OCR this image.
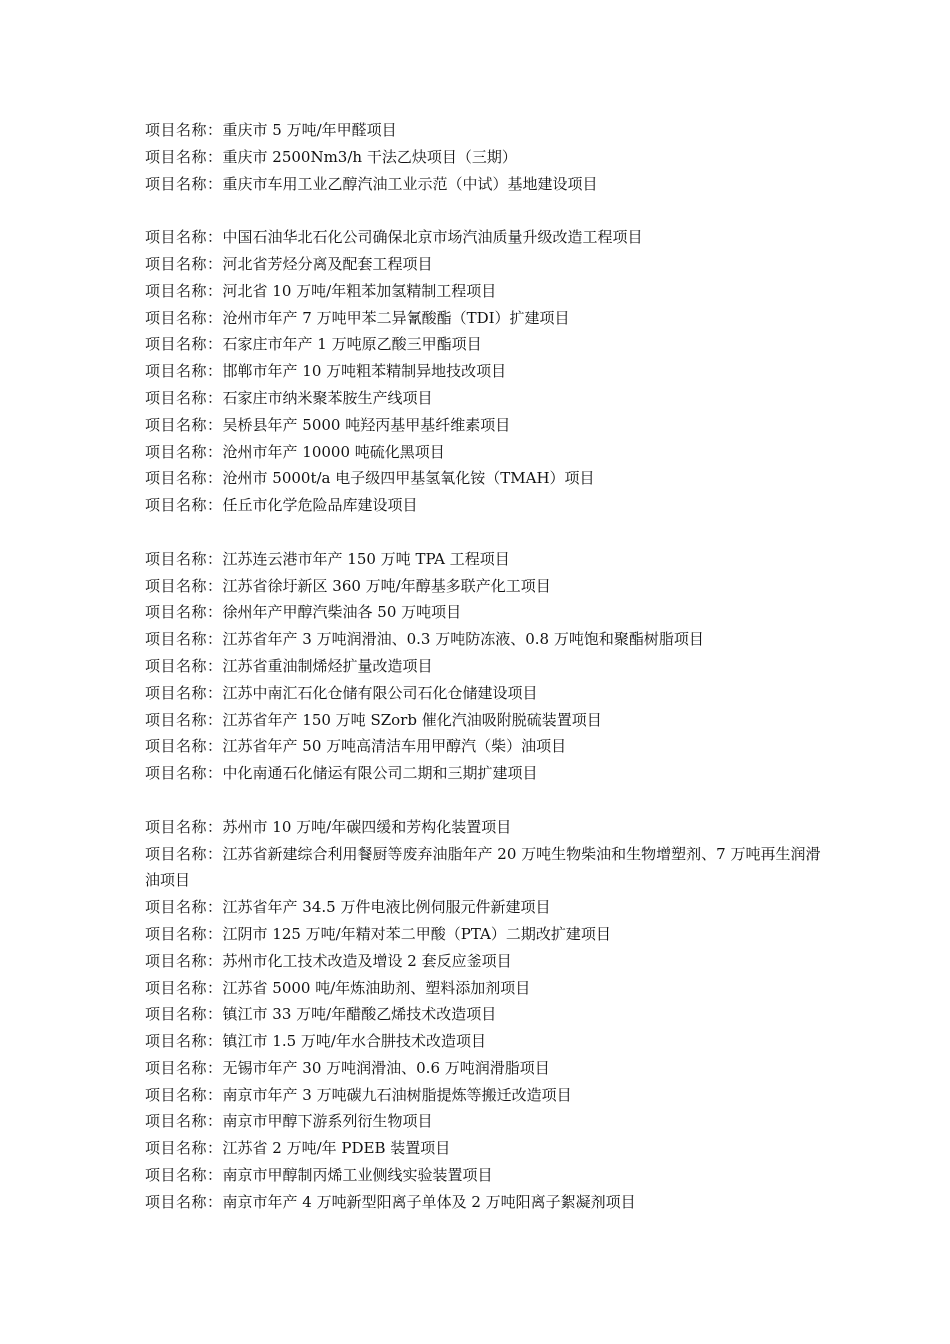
项目名称：重庆市 5 万吨/年甲醛项目
项目名称：重庆市 2500Nm3/h 干法乙炔项目（三期）
项目名称：重庆市车用工业乙醇汽油工业示范（中试）基地建设项目
项目名称：中国石油华北石化公司确保北京市场汽油质量升级改造工程项目
项目名称：河北省芳烃分离及配套工程项目
项目名称：河北省 10 万吨/年粗苯加氢精制工程项目
项目名称：沧州市年产 7 万吨甲苯二异氰酸酯（TDI）扩建项目
项目名称：石家庄市年产 1 万吨原乙酸三甲酯项目
项目名称：邯郸市年产 10 万吨粗苯精制异地技改项目
项目名称：石家庄市纳米聚苯胺生产线项目
项目名称：吴桥县年产 5000 吨羟丙基甲基纤维素项目
项目名称：沧州市年产 10000 吨硫化黑项目
项目名称：沧州市 5000t/a 电子级四甲基氢氧化铵（TMAH）项目
项目名称：任丘市化学危险品库建设项目
项目名称：江苏连云港市年产 150 万吨 TPA 工程项目
项目名称：江苏省徐圩新区 360 万吨/年醇基多联产化工项目
项目名称：徐州年产甲醇汽柴油各 50 万吨项目
项目名称：江苏省年产 3 万吨润滑油、0.3 万吨防冻液、0.8 万吨饱和聚酯树脂项目
项目名称：江苏省重油制烯烃扩量改造项目
项目名称：江苏中南汇石化仓储有限公司石化仓储建设项目
项目名称：江苏省年产 150 万吨 SZorb 催化汽油吸附脱硫装置项目
项目名称：江苏省年产 50 万吨高清洁车用甲醇汽（柴）油项目
项目名称：中化南通石化储运有限公司二期和三期扩建项目
项目名称：苏州市 10 万吨/年碳四缓和芳构化装置项目
项目名称：江苏省新建综合利用餐厨等废弃油脂年产 20 万吨生物柴油和生物增塑剂、7 万吨再生润滑油项目
项目名称：江苏省年产 34.5 万件电液比例伺服元件新建项目
项目名称：江阴市 125 万吨/年精对苯二甲酸（PTA）二期改扩建项目
项目名称：苏州市化工技术改造及增设 2 套反应釜项目
项目名称：江苏省 5000 吨/年炼油助剂、塑料添加剂项目
项目名称：镇江市 33 万吨/年醋酸乙烯技术改造项目
项目名称：镇江市 1.5 万吨/年水合肼技术改造项目
项目名称：无锡市年产 30 万吨润滑油、0.6 万吨润滑脂项目
项目名称：南京市年产 3 万吨碳九石油树脂提炼等搬迁改造项目
项目名称：南京市甲醇下游系列衍生物项目
项目名称：江苏省 2 万吨/年 PDEB 装置项目
项目名称：南京市甲醇制丙烯工业侧线实验装置项目
项目名称：南京市年产 4 万吨新型阳离子单体及 2 万吨阳离子絮凝剂项目
